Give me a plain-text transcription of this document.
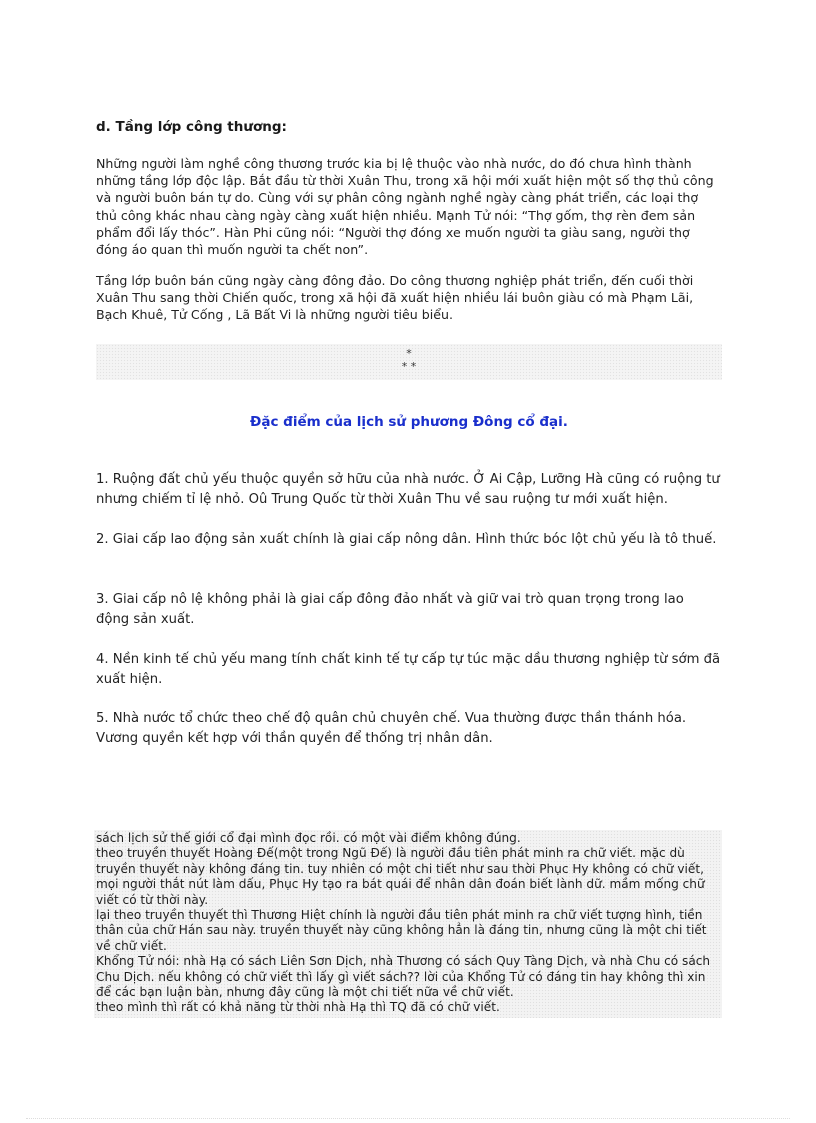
d. Tầng lớp công thương:
Những người làm nghề công thương trước kia bị lệ thuộc vào nhà nước, do đó chưa hình thành những tầng lớp độc lập. Bắt đầu từ thời Xuân Thu, trong xã hội mới xuất hiện một số thợ thủ công và người buôn bán tự do. Cùng với sự phân công ngành nghề ngày càng phát triển, các loại thợ thủ công khác nhau càng ngày càng xuất hiện nhiều. Mạnh Tử nói: “Thợ gốm, thợ rèn đem sản phẩm đổi lấy thóc”. Hàn Phi cũng nói: “Người thợ đóng xe muốn người ta giàu sang, người thợ đóng áo quan thì muốn người ta chết non”.
Tầng lớp buôn bán cũng ngày càng đông đảo. Do công thương nghiệp phát triển, đến cuối thời Xuân Thu sang thời Chiến quốc, trong xã hội đã xuất hiện nhiều lái buôn giàu có mà Phạm Lãi, Bạch Khuê, Tử Cống , Lã Bất Vi là những người tiêu biểu.
*
* *
Đặc điểm của lịch sử phương Đông cổ đại.
1. Ruộng đất chủ yếu thuộc quyền sở hữu của nhà nước. Ở Ai Cập, Lưỡng Hà cũng có ruộng tư nhưng chiếm tỉ lệ nhỏ. Oû Trung Quốc từ thời Xuân Thu về sau ruộng tư mới xuất hiện.
2. Giai cấp lao động sản xuất chính là giai cấp nông dân. Hình thức bóc lột chủ yếu là tô thuế.
3. Giai cấp nô lệ không phải là giai cấp đông đảo nhất và giữ vai trò quan trọng trong lao động sản xuất.
4. Nền kinh tế chủ yếu mang tính chất kinh tế tự cấp tự túc mặc dầu thương nghiệp từ sớm đã xuất hiện.
5. Nhà nước tổ chức theo chế độ quân chủ chuyên chế. Vua thường được thần thánh hóa. Vương quyền kết hợp với thần quyền để thống trị nhân dân.
sách lịch sử thế giới cổ đại mình đọc rồi. có một vài điểm không đúng.
theo truyền thuyết Hoàng Đế(một trong Ngũ Đế) là người đầu tiên phát minh ra chữ viết. mặc dù truyền thuyết này không đáng tin. tuy nhiên có một chi tiết như sau thời Phục Hy không có chữ viết, mọi người thắt nút làm dấu, Phục Hy tạo ra bát quái để nhân dân đoán biết lành dữ. mầm mống chữ viết có từ thời này.
lại theo truyền thuyết thì Thương Hiệt chính là người đầu tiên phát minh ra chữ viết tượng hình, tiền thân của chữ Hán sau này. truyền thuyết này cũng không hẳn là đáng tin, nhưng cũng là một chi tiết về chữ viết.
Khổng Tử nói: nhà Hạ có sách Liên Sơn Dịch, nhà Thương có sách Quy Tàng Dịch, và nhà Chu có sách Chu Dịch. nếu không có chữ viết thì lấy gì viết sách?? lời của Khổng Tử có đáng tin hay không thì xin để các bạn luận bàn, nhưng đây cũng là một chi tiết nữa về chữ viết.
theo mình thì rất có khả năng từ thời nhà Hạ thì TQ đã có chữ viết.
